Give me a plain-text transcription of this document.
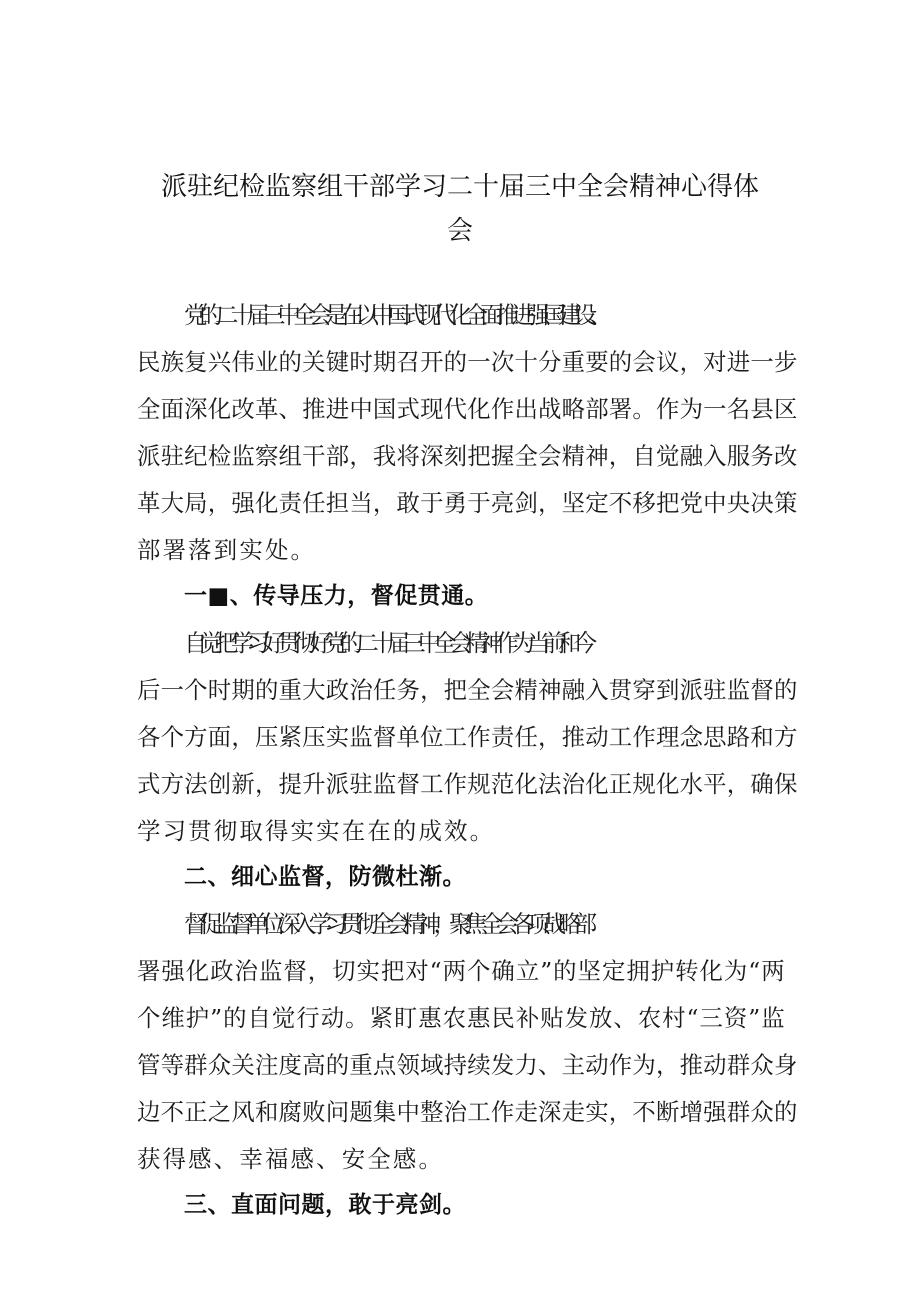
派驻纪检监察组干部学习二十届三中全会精神心得体
会

党的二十届三中全会是在以中国式现代化全面推进强国建设、

民族复兴伟业的关键时期召开的一次十分重要的会议，对进一步

全面深化改革、推进中国式现代化作出战略部署。作为一名县区

派驻纪检监察组干部，我将深刻把握全会精神，自觉融入服务改

革大局，强化责任担当，敢于勇于亮剑，坚定不移把党中央决策

部署落到实处。

一■、传导压力，督促贯通。

自觉把学习好贯彻好党的二十届三中全会精神作为当前和今

后一个时期的重大政治任务，把全会精神融入贯穿到派驻监督的

各个方面，压紧压实监督单位工作责任，推动工作理念思路和方

式方法创新，提升派驻监督工作规范化法治化正规化水平，确保

学习贯彻取得实实在在的成效。

二、细心监督，防微杜渐。

督促监督单位深入学习贯彻全会精神，聚焦全会各项战略部

署强化政治监督，切实把对“两个确立”的坚定拥护转化为“两

个维护”的自觉行动。紧盯惠农惠民补贴发放、农村“三资”监

管等群众关注度高的重点领域持续发力、主动作为，推动群众身

边不正之风和腐败问题集中整治工作走深走实，不断增强群众的

获得感、幸福感、安全感。

三、直面问题，敢于亮剑。
